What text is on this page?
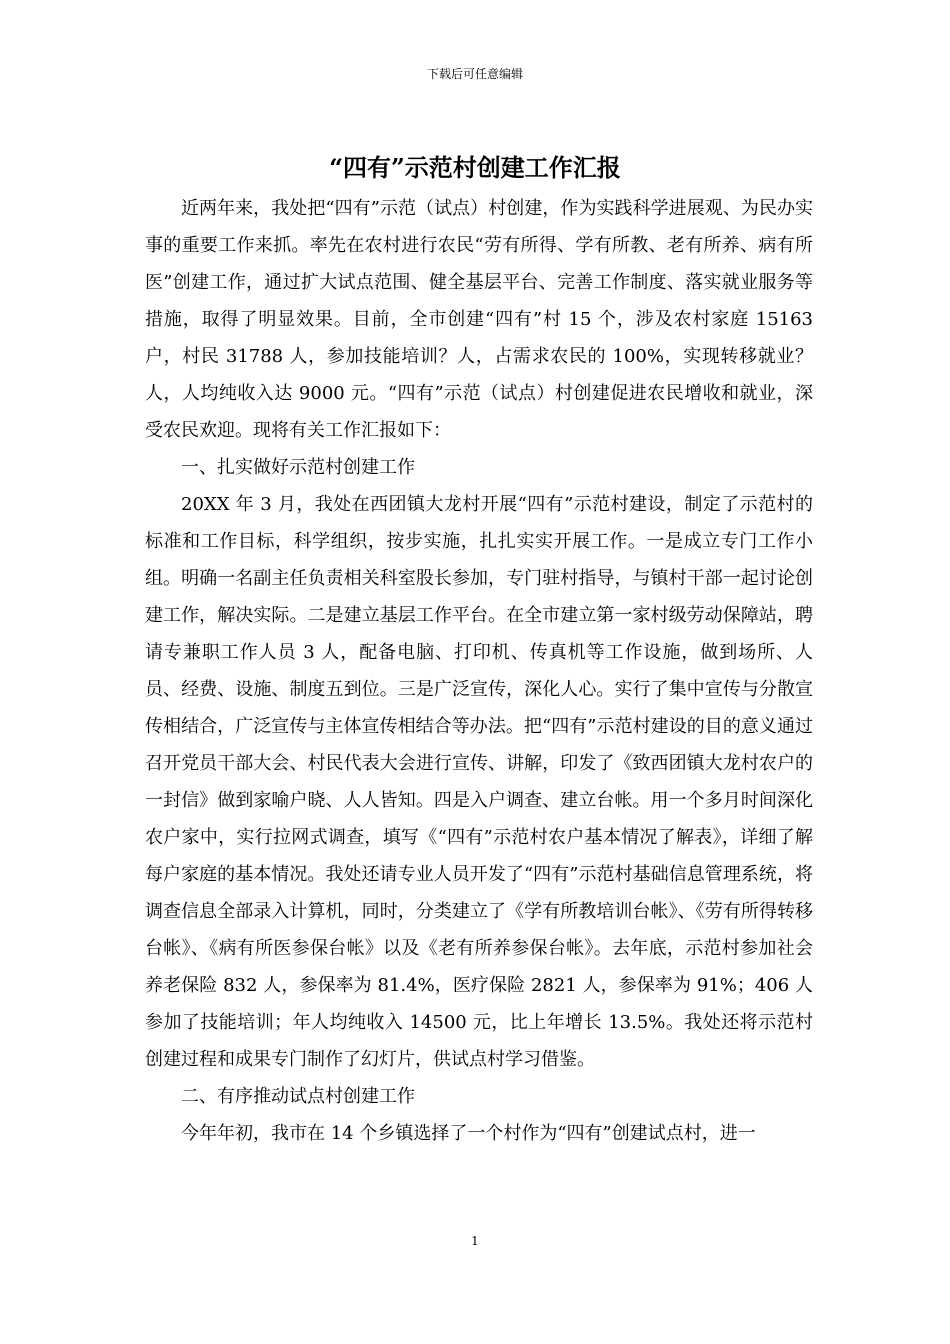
下载后可任意编辑
“四有”示范村创建工作汇报

近两年来，我处把“四有”示范（试点）村创建，作为实践科学进展观、为民办实事的重要工作来抓。率先在农村进行农民“劳有所得、学有所教、老有所养、病有所医”创建工作，通过扩大试点范围、健全基层平台、完善工作制度、落实就业服务等措施，取得了明显效果。目前，全市创建“四有”村 15 个，涉及农村家庭 15163 户，村民 31788 人，参加技能培训？人，占需求农民的 100%，实现转移就业？人，人均纯收入达 9000 元。“四有”示范（试点）村创建促进农民增收和就业，深受农民欢迎。现将有关工作汇报如下：

一、扎实做好示范村创建工作

20XX 年 3 月，我处在西团镇大龙村开展“四有”示范村建设，制定了示范村的标准和工作目标，科学组织，按步实施，扎扎实实开展工作。一是成立专门工作小组。明确一名副主任负责相关科室股长参加，专门驻村指导，与镇村干部一起讨论创建工作，解决实际。二是建立基层工作平台。在全市建立第一家村级劳动保障站，聘请专兼职工作人员 3 人，配备电脑、打印机、传真机等工作设施，做到场所、人员、经费、设施、制度五到位。三是广泛宣传，深化人心。实行了集中宣传与分散宣传相结合，广泛宣传与主体宣传相结合等办法。把“四有”示范村建设的目的意义通过召开党员干部大会、村民代表大会进行宣传、讲解，印发了《致西团镇大龙村农户的一封信》做到家喻户晓、人人皆知。四是入户调查、建立台帐。用一个多月时间深化农户家中，实行拉网式调查，填写《“四有”示范村农户基本情况了解表》，详细了解每户家庭的基本情况。我处还请专业人员开发了“四有”示范村基础信息管理系统，将调查信息全部录入计算机，同时，分类建立了《学有所教培训台帐》、《劳有所得转移台帐》、《病有所医参保台帐》以及《老有所养参保台帐》。去年底，示范村参加社会养老保险 832 人，参保率为 81.4%，医疗保险 2821 人，参保率为 91%；406 人参加了技能培训；年人均纯收入 14500 元，比上年增长 13.5%。我处还将示范村创建过程和成果专门制作了幻灯片，供试点村学习借鉴。

二、有序推动试点村创建工作

今年年初，我市在 14 个乡镇选择了一个村作为“四有”创建试点村，进一

1
